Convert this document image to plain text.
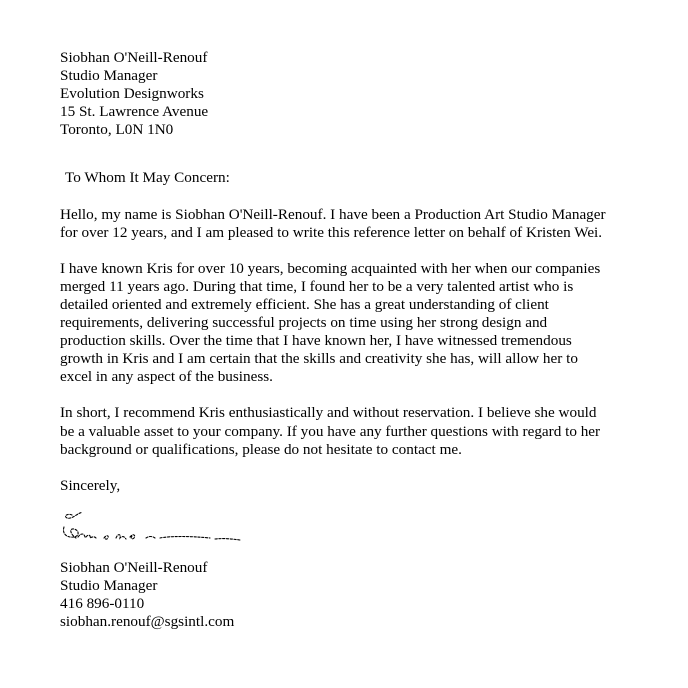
Siobhan O'Neill-Renouf
Studio Manager
Evolution Designworks
15 St. Lawrence Avenue
Toronto, L0N 1N0
To Whom It May Concern:
Hello, my name is Siobhan O'Neill-Renouf. I have been a Production Art Studio Manager
for over 12 years, and I am pleased to write this reference letter on behalf of Kristen Wei.
I have known Kris for over 10 years, becoming acquainted with her when our companies
merged 11 years ago. During that time, I found her to be a very talented artist who is
detailed oriented and extremely efficient. She has a great understanding of client
requirements, delivering successful projects on time using her strong design and
production skills. Over the time that I have known her, I have witnessed tremendous
growth in Kris and I am certain that the skills and creativity she has, will allow her to
excel in any aspect of the business.
In short, I recommend Kris enthusiastically and without reservation. I believe she would
be a valuable asset to your company. If you have any further questions with regard to her
background or qualifications, please do not hesitate to contact me.
Sincerely,
Siobhan O'Neill-Renouf
Studio Manager
416 896-0110
siobhan.renouf@sgsintl.com
